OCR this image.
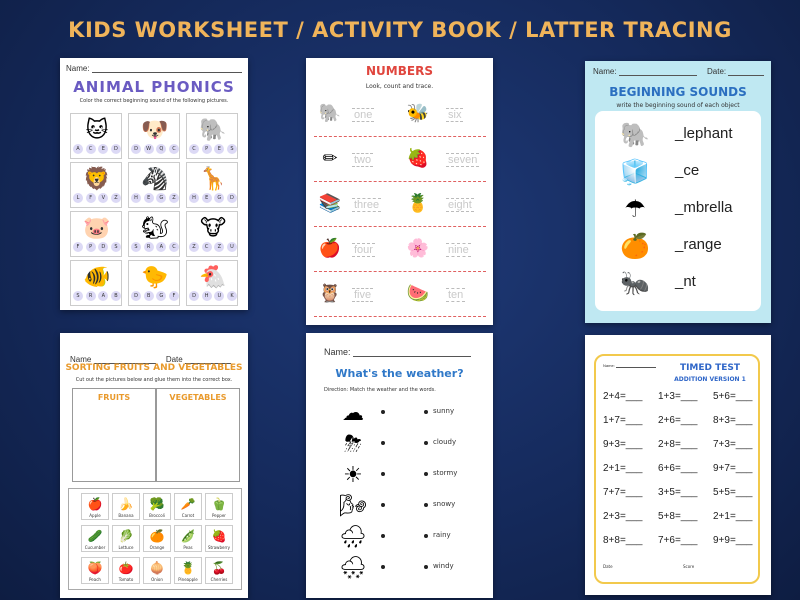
KIDS WORKSHEET / ACTIVITY BOOK / LATTER TRACING
Name:
ANIMAL PHONICS
Color the correct beginning sound of the following pictures.
🐱
A	C	E	D
🐶
D	W	Q	C
🐘
C	P	E	S
🦁
L	F	V	Z
🦓
H	E	G	Z
🦒
H	E	G	D
🐷
F	P	D	S
🐿
S	R	A	C
🐮
Z	C	Z	U
🐠
S	R	A	B
🐤
D	B	G	F
🐔
D	H	U	K
NUMBERS
Look, count and trace.
🐘 one 🐝 six
✏	two 🍓 seven
📚 three 🍍 eight
🍎 four 🌸 nine
🦉 five 🍉 ten
Name:	Date:
BEGINNING SOUNDS
write the beginning sound of each object
🐘 _lephant
🧊 _ce
☂	_mbrella
🍊 _range
🐜 _nt
Name	Date
SORTING FRUITS AND VEGETABLES
Cut out the pictures below and glue them into the correct box.
FRUITS	VEGETABLES
🍎
Apple
🍌
Banana
🥦
Broccoli
🥕
Carrot
🫑
Pepper
🥒
Cucumber
🥬
Lettuce
🍊
Orange
🫛
Peas
🍓
Strawberry
🍑
Peach
🍅
Tomato
🧅
Onion
🍍
Pineapple
🍒
Cherries
Name:
What's the weather?
Direction: Match the weather and the words.
☁	sunny
⛈	cloudy
☀	stormy
🌬	snowy
🌧	rainy
🌨	windy
Name:	TIMED TEST
ADDITION VERSION 1
2+4=___ 1+3=___ 5+6=___
1+7=___ 2+6=___ 8+3=___
9+3=___ 2+8=___ 7+3=___
2+1=___ 6+6=___ 9+7=___
7+7=___ 3+5=___ 5+5=___
2+3=___ 5+8=___ 2+1=___
8+8=___ 7+6=___ 9+9=___
Date	Score
